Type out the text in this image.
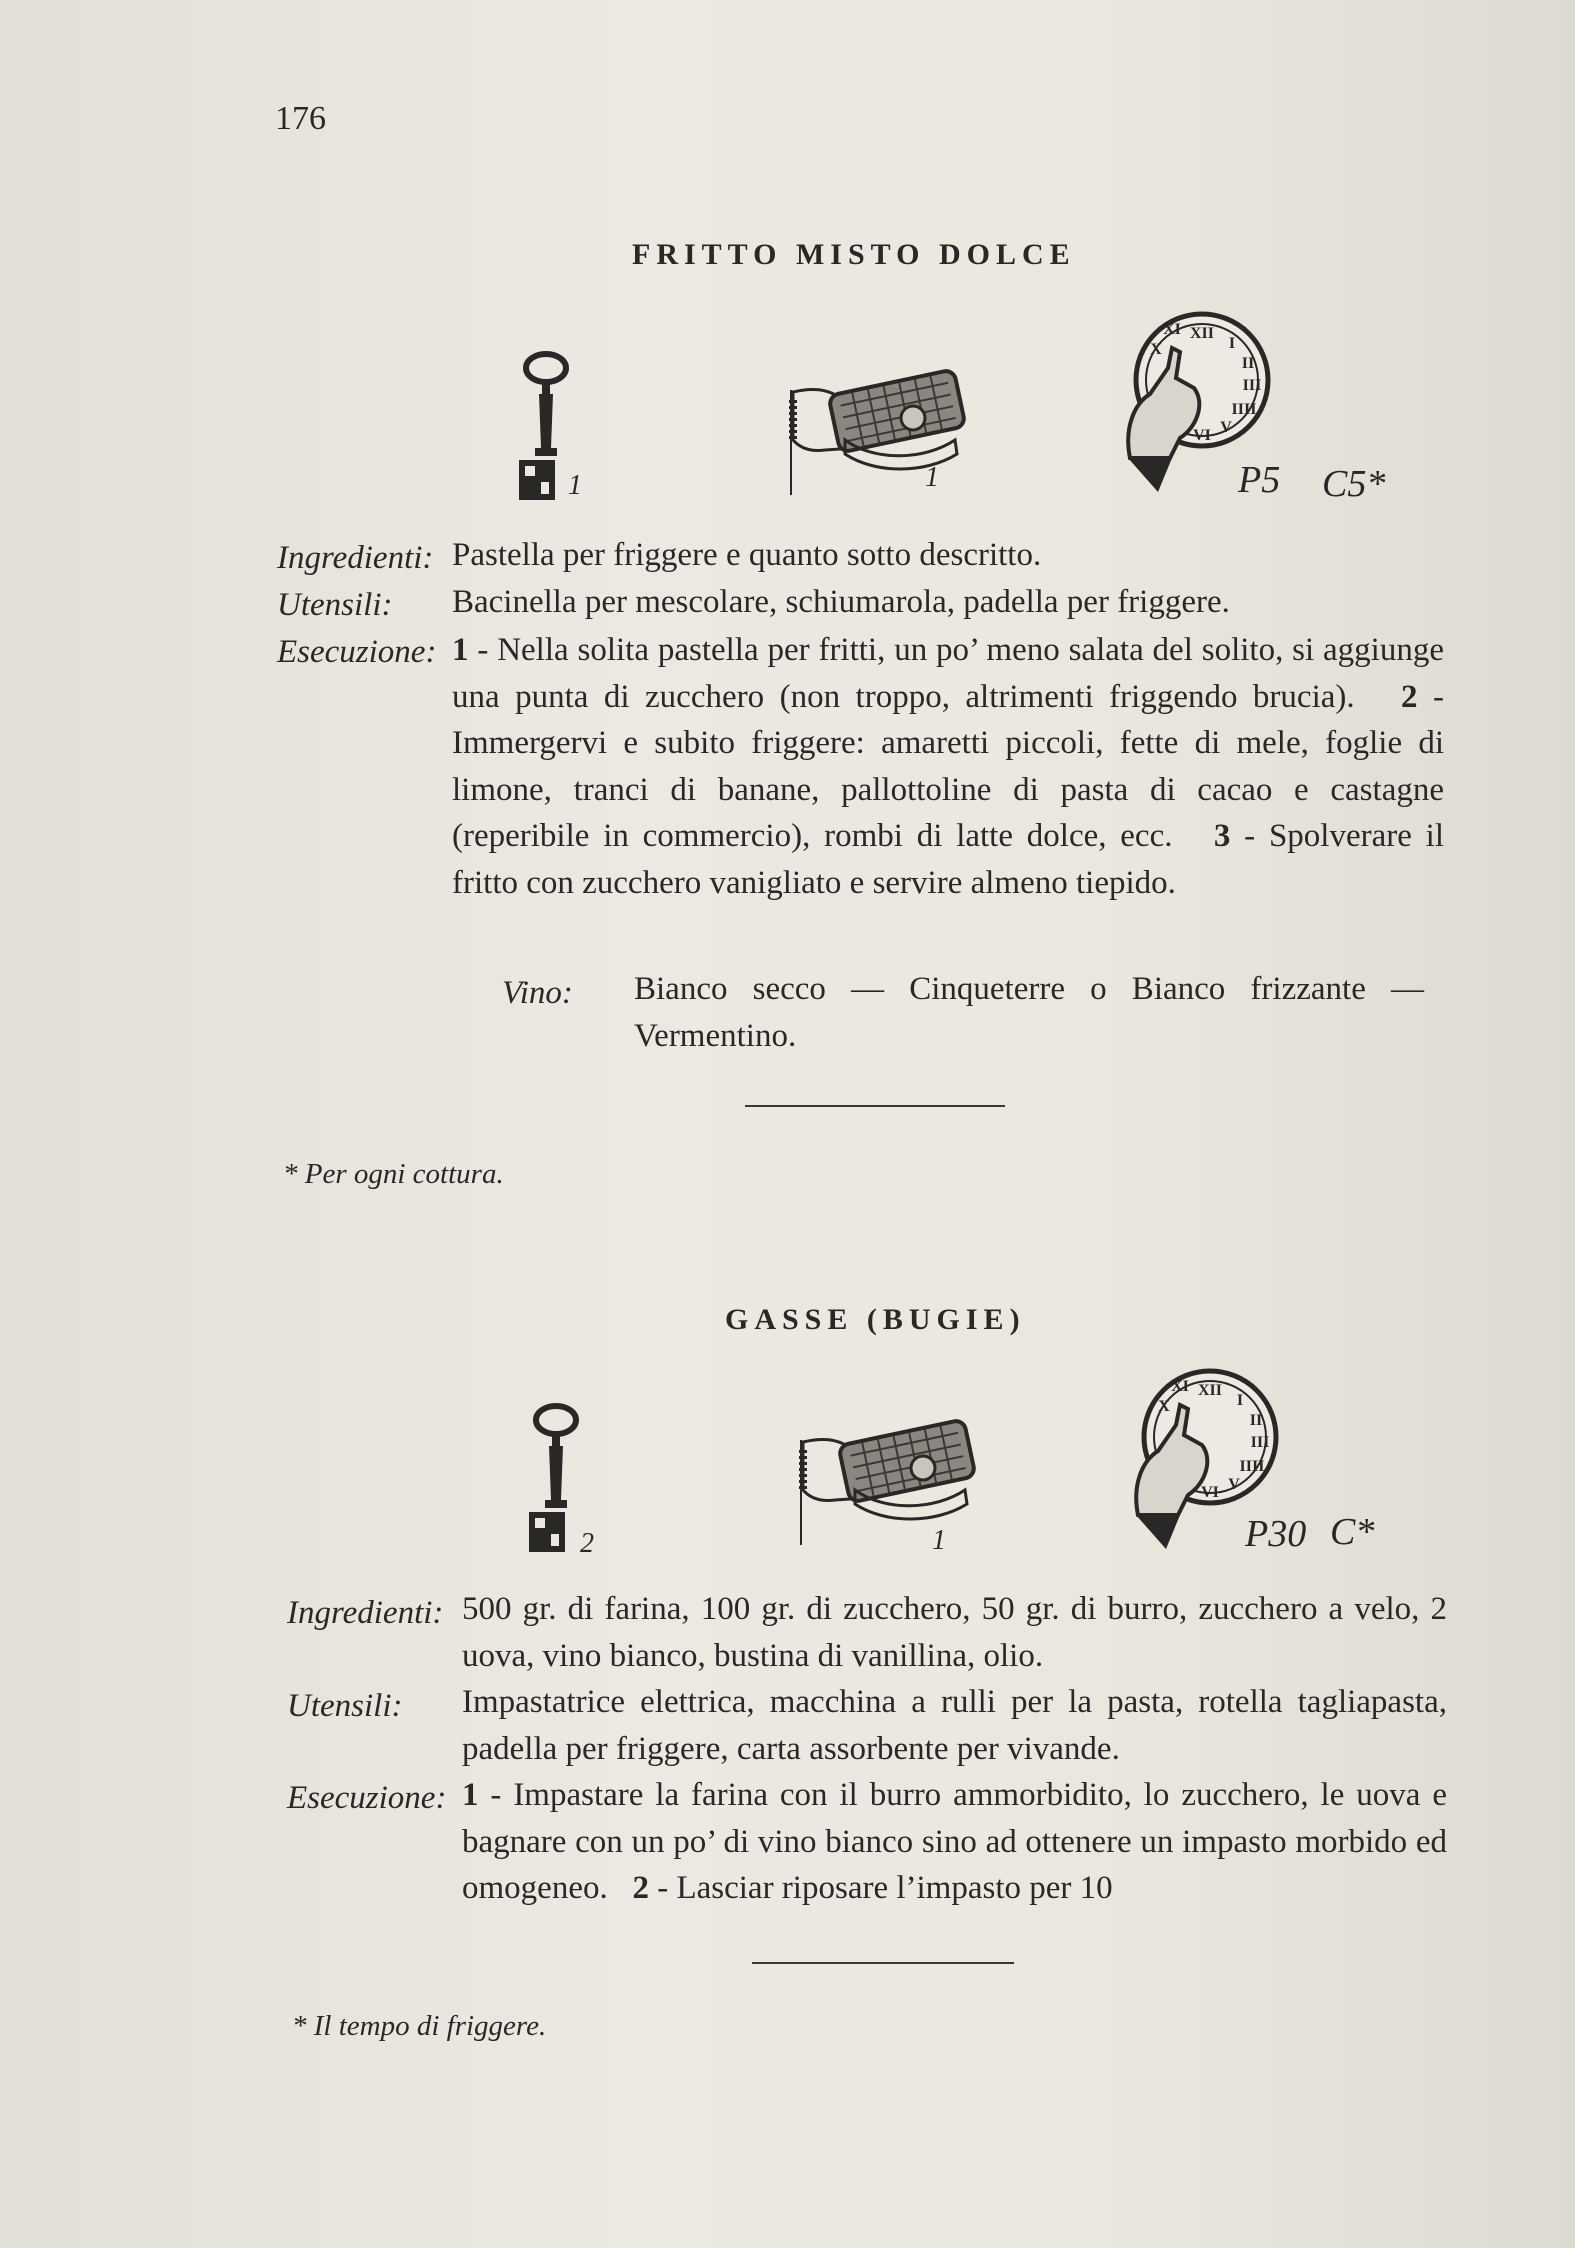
176
FRITTO MISTO DOLCE
1	1
XII
I
II
III
IIII
V
VI
XI
X
P5 C5*
Ingredienti: Pastella per friggere e quanto sotto descritto.
Utensili: Bacinella per mescolare, schiumarola, padella per friggere.
Esecuzione: 1 - Nella solita pastella per fritti, un po’ meno salata del solito, si aggiunge una punta di zucchero (non troppo, altrimenti friggendo brucia). 2 - Immergervi e subito friggere: amaretti piccoli, fette di mele, foglie di limone, tranci di banane, pallottoline di pasta di cacao e castagne (reperibile in commercio), rombi di latte dolce, ecc. 3 - Spolverare il fritto con zucchero vanigliato e servire almeno tiepido.
Vino: Bianco secco — Cinqueterre o Bianco frizzante — Vermentino.
* Per ogni cottura.
GASSE (BUGIE)
2	1
XII
I
II
III
IIII
V
VI
XI
X
P30 C*
Ingredienti: 500 gr. di farina, 100 gr. di zucchero, 50 gr. di burro, zucchero a velo, 2 uova, vino bianco, bustina di vanillina, olio.
Utensili: Impastatrice elettrica, macchina a rulli per la pasta, rotella tagliapasta, padella per friggere, carta assorbente per vivande.
Esecuzione: 1 - Impastare la farina con il burro ammorbidito, lo zucchero, le uova e bagnare con un po’ di vino bianco sino ad ottenere un impasto morbido ed omogeneo. 2 - Lasciar riposare l’impasto per 10
* Il tempo di friggere.
